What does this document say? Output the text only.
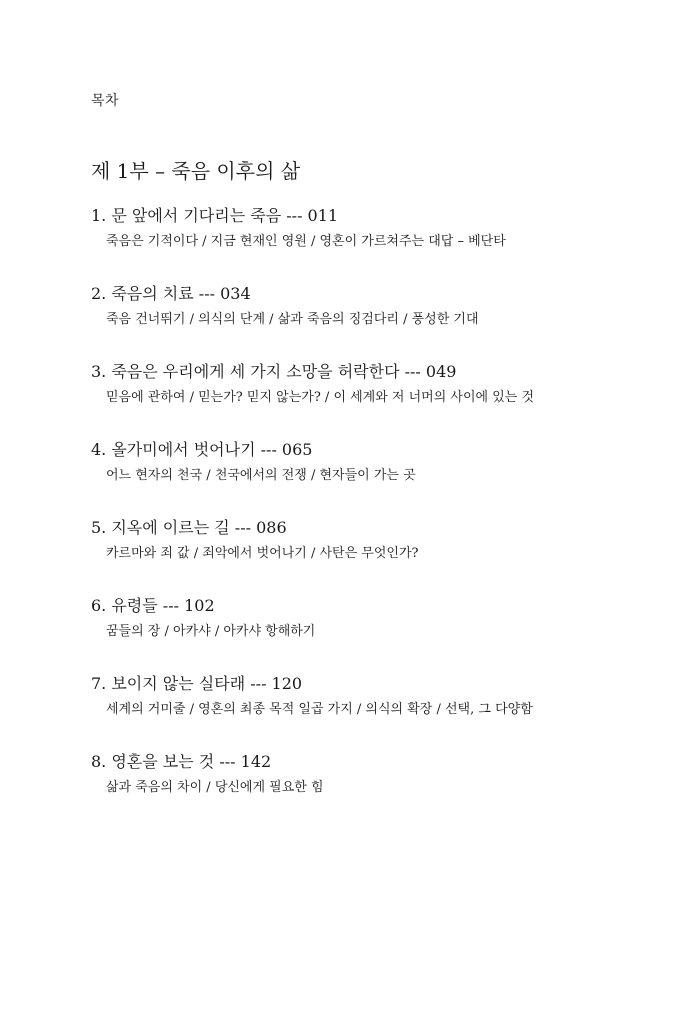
목차
제 1부 – 죽음 이후의 삶
1. 문 앞에서 기다리는 죽음 --- 011
죽음은 기적이다 / 지금 현재인 영원 / 영혼이 가르쳐주는 대답 – 베단타
2. 죽음의 치료 --- 034
죽음 건너뛰기 / 의식의 단계 / 삶과 죽음의 징검다리 / 풍성한 기대
3. 죽음은 우리에게 세 가지 소망을 허락한다 --- 049
믿음에 관하여 / 믿는가? 믿지 않는가? / 이 세계와 저 너머의 사이에 있는 것
4. 올가미에서 벗어나기 --- 065
어느 현자의 천국 / 천국에서의 전쟁 / 현자들이 가는 곳
5. 지옥에 이르는 길 --- 086
카르마와 죄 값 / 죄악에서 벗어나기 / 사탄은 무엇인가?
6. 유령들 --- 102
꿈들의 장 / 아카샤 / 아카샤 항해하기
7. 보이지 않는 실타래 --- 120
세계의 거미줄 / 영혼의 최종 목적 일곱 가지 / 의식의 확장 / 선택, 그 다양함
8. 영혼을 보는 것 --- 142
삶과 죽음의 차이 / 당신에게 필요한 힘
